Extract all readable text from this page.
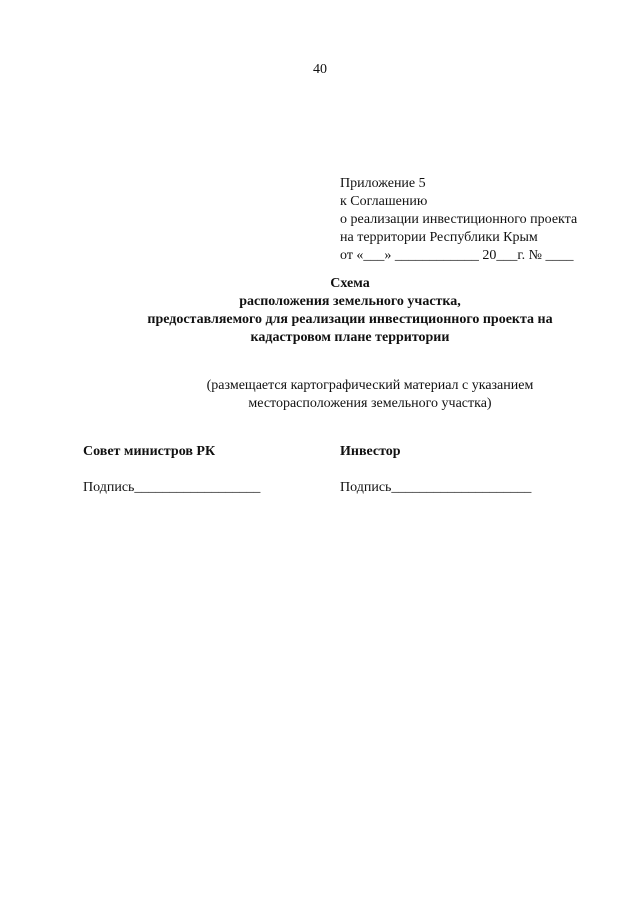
40
Приложение 5
к Соглашению
о реализации инвестиционного проекта
на территории Республики Крым
от «___» ____________ 20___г. № ____
Схема
расположения земельного участка,
предоставляемого для реализации инвестиционного проекта на
кадастровом плане территории
(размещается картографический материал с указанием
месторасположения земельного участка)
Совет министров РК
Подпись__________________
Инвестор
Подпись____________________
